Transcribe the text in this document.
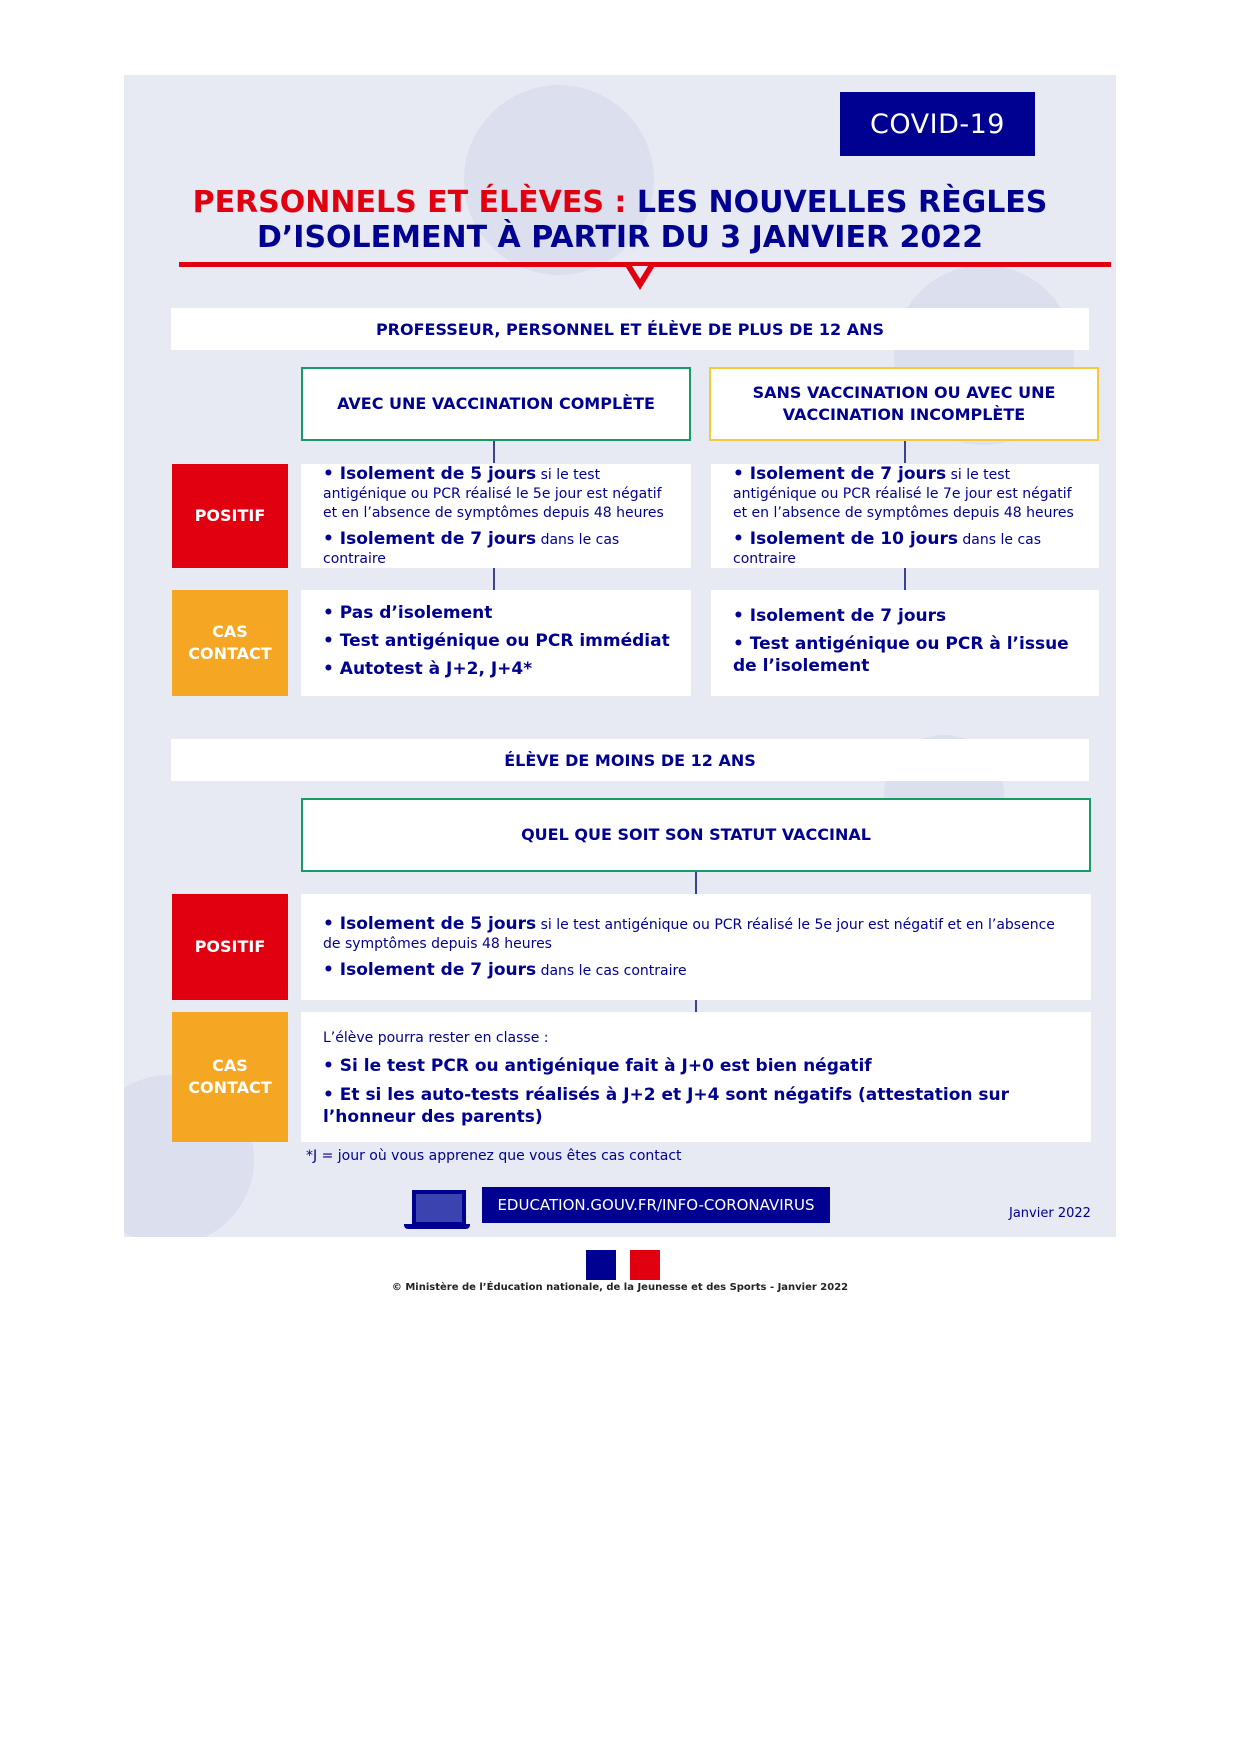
COVID-19
PERSONNELS ET ÉLÈVES : LES NOUVELLES RÈGLES
D’ISOLEMENT À PARTIR DU 3 JANVIER 2022
PROFESSEUR, PERSONNEL ET ÉLÈVE DE PLUS DE 12 ANS
AVEC UNE VACCINATION COMPLÈTE
SANS VACCINATION OU AVEC UNE VACCINATION INCOMPLÈTE
POSITIF

• Isolement de 5 jours si le test antigénique ou PCR réalisé le 5e jour est négatif et en l’absence de symptômes depuis 48 heures

• Isolement de 7 jours dans le cas contraire

• Isolement de 7 jours si le test antigénique ou PCR réalisé le 7e jour est négatif et en l’absence de symptômes depuis 48 heures

• Isolement de 10 jours dans le cas contraire

CAS CONTACT

• Pas d’isolement

• Test antigénique ou PCR immédiat

• Autotest à J+2, J+4*

• Isolement de 7 jours

• Test antigénique ou PCR à l’issue de l’isolement

ÉLÈVE DE MOINS DE 12 ANS
QUEL QUE SOIT SON STATUT VACCINAL
POSITIF

• Isolement de 5 jours si le test antigénique ou PCR réalisé le 5e jour est négatif et en l’absence de symptômes depuis 48 heures

• Isolement de 7 jours dans le cas contraire

CAS CONTACT

L’élève pourra rester en classe :

• Si le test PCR ou antigénique fait à J+0 est bien négatif

• Et si les auto-tests réalisés à J+2 et J+4 sont négatifs (attestation sur l’honneur des parents)

*J = jour où vous apprenez que vous êtes cas contact
EDUCATION.GOUV.FR/INFO-CORONAVIRUS	Janvier 2022
© Ministère de l’Éducation nationale, de la Jeunesse et des Sports - Janvier 2022
